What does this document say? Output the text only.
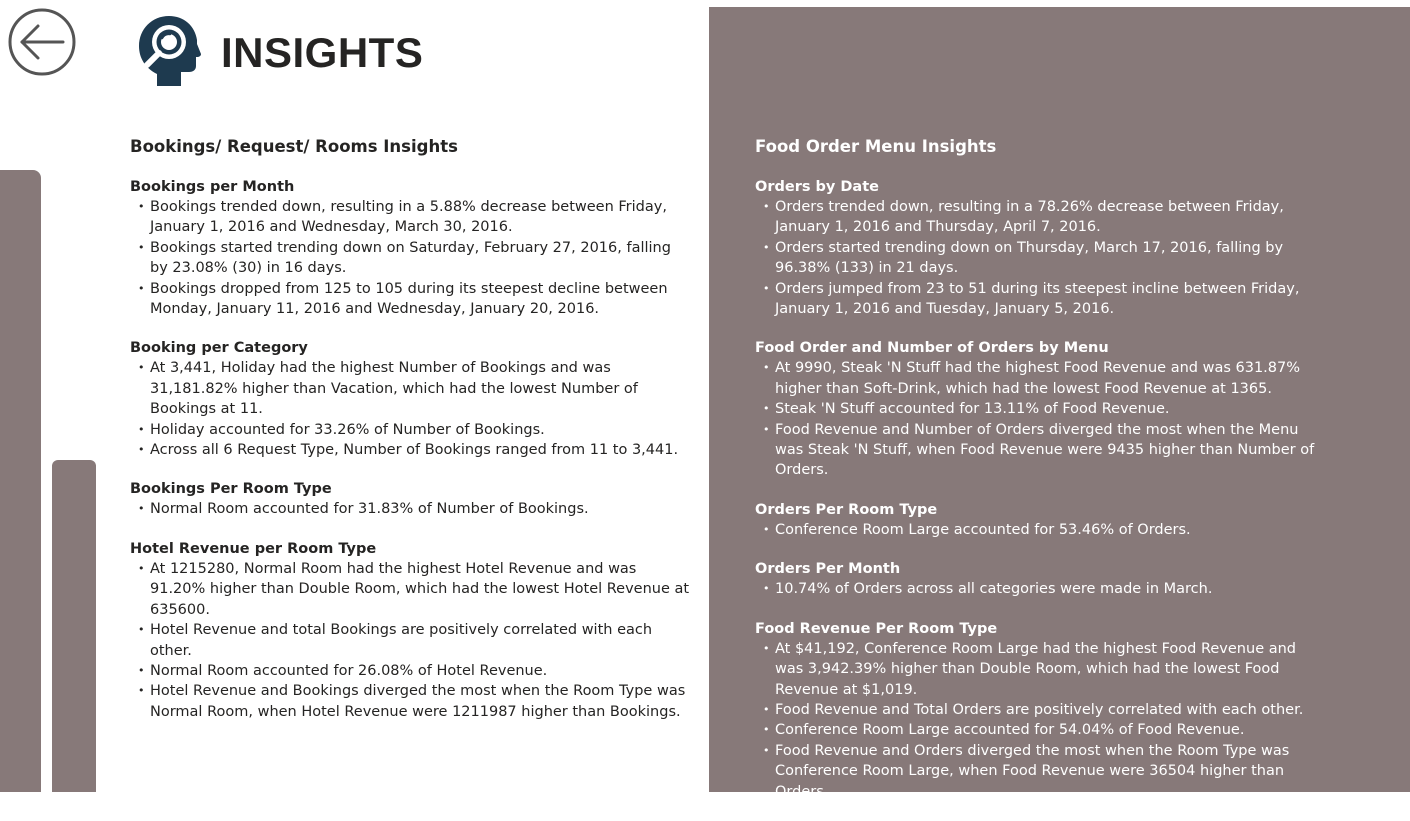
INSIGHTS
Bookings/ Request/ Rooms Insights
Bookings per Month
• Bookings trended down, resulting in a 5.88% decrease between Friday, January 1, 2016 and Wednesday, March 30, 2016.
• Bookings started trending down on Saturday, February 27, 2016, falling by 23.08% (30) in 16 days.
• Bookings dropped from 125 to 105 during its steepest decline between Monday, January 11, 2016 and Wednesday, January 20, 2016.
Booking per Category
• At 3,441, Holiday had the highest Number of Bookings and was 31,181.82% higher than Vacation, which had the lowest Number of Bookings at 11.
• Holiday accounted for 33.26% of Number of Bookings.
• Across all 6 Request Type, Number of Bookings ranged from 11 to 3,441.
Bookings Per Room Type
• Normal Room accounted for 31.83% of Number of Bookings.
Hotel Revenue per Room Type
• At 1215280, Normal Room had the highest Hotel Revenue and was 91.20% higher than Double Room, which had the lowest Hotel Revenue at 635600.
• Hotel Revenue and total Bookings are positively correlated with each other.
• Normal Room accounted for 26.08% of Hotel Revenue.
• Hotel Revenue and Bookings diverged the most when the Room Type was Normal Room, when Hotel Revenue were 1211987 higher than Bookings.
Food Order Menu Insights
Orders by Date
• Orders trended down, resulting in a 78.26% decrease between Friday, January 1, 2016 and Thursday, April 7, 2016.
• Orders started trending down on Thursday, March 17, 2016, falling by 96.38% (133) in 21 days.
• Orders jumped from 23 to 51 during its steepest incline between Friday, January 1, 2016 and Tuesday, January 5, 2016.
Food Order and Number of Orders by Menu
• At 9990, Steak 'N Stuff had the highest Food Revenue and was 631.87% higher than Soft-Drink, which had the lowest Food Revenue at 1365.
• Steak 'N Stuff accounted for 13.11% of Food Revenue.
• Food Revenue and Number of Orders diverged the most when the Menu was Steak 'N Stuff, when Food Revenue were 9435 higher than Number of Orders.
Orders Per Room Type
• Conference Room Large accounted for 53.46% of Orders.
Orders Per Month
• 10.74% of Orders across all categories were made in March.
Food Revenue Per Room Type
• At $41,192, Conference Room Large had the highest Food Revenue and was 3,942.39% higher than Double Room, which had the lowest Food Revenue at $1,019.
• Food Revenue and Total Orders are positively correlated with each other.
• Conference Room Large accounted for 54.04% of Food Revenue.
• Food Revenue and Orders diverged the most when the Room Type was Conference Room Large, when Food Revenue were 36504 higher than Orders.
